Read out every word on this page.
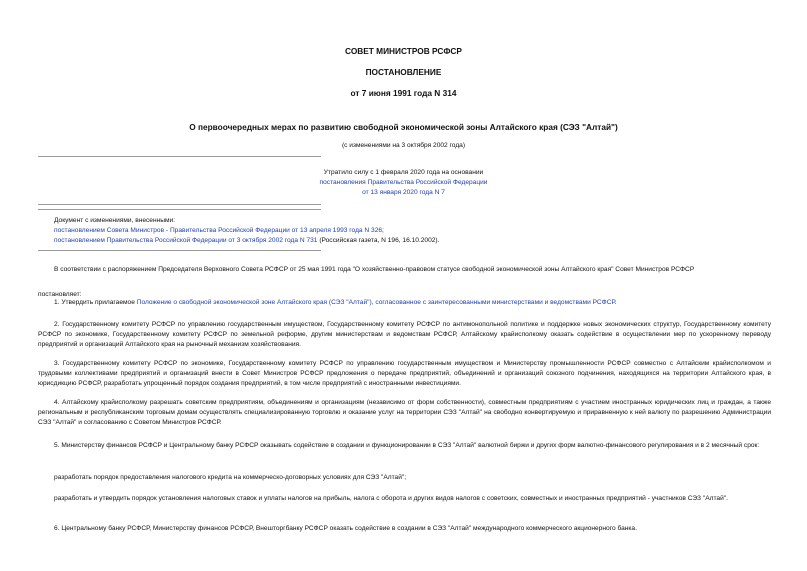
СОВЕТ МИНИСТРОВ РСФСР
ПОСТАНОВЛЕНИЕ
от 7 июня 1991 года N 314
О первоочередных мерах по развитию свободной экономической зоны Алтайского края (СЭЗ "Алтай")
(с изменениями на 3 октября 2002 года)
Утратило силу с 1 февраля 2020 года на основании
постановления Правительства Российской Федерации
от 13 января 2020 года N 7
Документ с изменениями, внесенными:
постановлением Совета Министров - Правительства Российской Федерации от 13 апреля 1993 года N 326;
постановлением Правительства Российской Федерации от 3 октября 2002 года N 731 (Российская газета, N 196, 16.10.2002).
В соответствии с распоряжением Председателя Верховного Совета РСФСР от 25 мая 1991 года "О хозяйственно-правовом статусе свободной экономической зоны Алтайского края" Совет Министров РСФСР
постановляет:
1. Утвердить прилагаемое Положение о свободной экономической зоне Алтайского края (СЭЗ "Алтай"), согласованное с заинтересованными министерствами и ведомствами РСФСР.
2. Государственному комитету РСФСР по управлению государственным имуществом, Государственному комитету РСФСР по антимонопольной политике и поддержке новых экономических структур, Государственному комитету РСФСР по экономике, Государственному комитету РСФСР по земельной реформе, другим министерствам и ведомствам РСФСР, Алтайскому крайисполкому оказать содействие в осуществлении мер по ускоренному переводу предприятий и организаций Алтайского края на рыночный механизм хозяйствования.
3. Государственному комитету РСФСР по экономике, Государственному комитету РСФСР по управлению государственным имуществом и Министерству промышленности РСФСР совместно с Алтайским крайисполкомом и трудовыми коллективами предприятий и организаций внести в Совет Министров РСФСР предложения о передаче предприятий, объединений и организаций союзного подчинения, находящихся на территории Алтайского края, в юрисдикцию РСФСР, разработать упрощенный порядок создания предприятий, в том числе предприятий с иностранными инвестициями.
4. Алтайскому крайисполкому разрешать советским предприятиям, объединениям и организациям (независимо от форм собственности), совместным предприятиям с участием иностранных юридических лиц и граждан, а также региональным и республиканским торговым домам осуществлять специализированную торговлю и оказание услуг на территории СЭЗ "Алтай" на свободно конвертируемую и приравненную к ней валюту по разрешению Администрации СЭЗ "Алтай" и согласованию с Советом Министров РСФСР.
5. Министерству финансов РСФСР и Центральному банку РСФСР оказывать содействие в создании и функционировании в СЭЗ "Алтай" валютной биржи и других форм валютно-финансового регулирования и в 2 месячный срок:
разработать порядок предоставления налогового кредита на коммерческо-договорных условиях для СЭЗ "Алтай";
разработать и утвердить порядок установления налоговых ставок и уплаты налогов на прибыль, налога с оборота и других видов налогов с советских, совместных и иностранных предприятий - участников СЭЗ "Алтай".
6. Центральному банку РСФСР, Министерству финансов РСФСР, Внешторгбанку РСФСР оказать содействие в создании в СЭЗ "Алтай" международного коммерческого акционерного банка.
